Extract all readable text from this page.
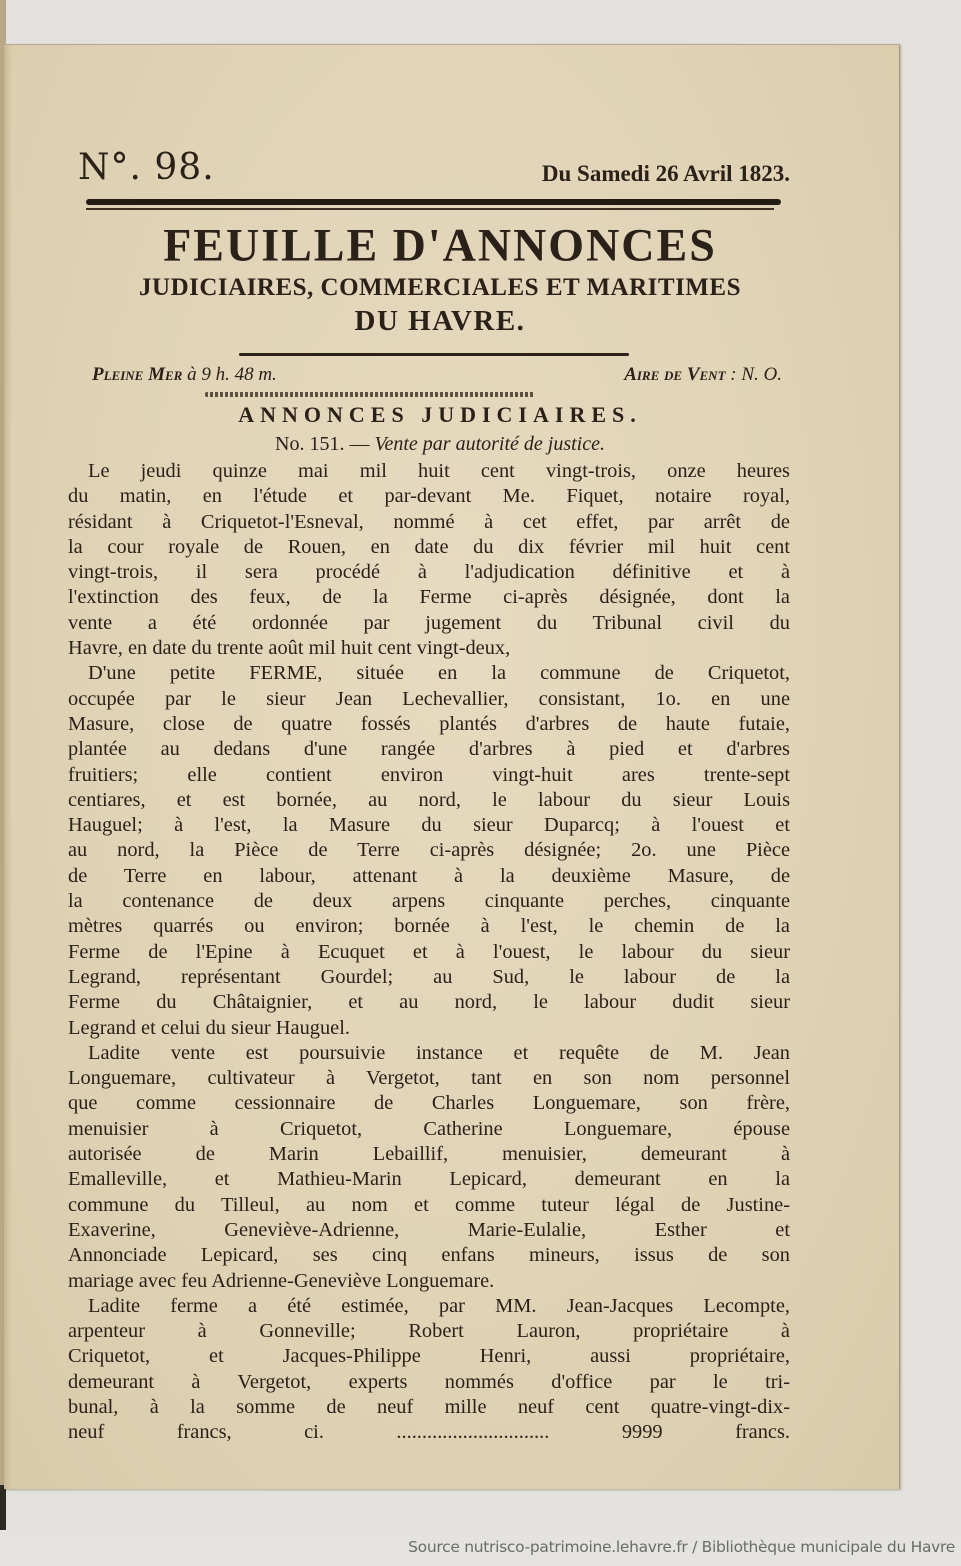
N°. 98.	Du Samedi 26 Avril 1823.
FEUILLE D'ANNONCES
JUDICIAIRES, COMMERCIALES ET MARITIMES
DU HAVRE.
Pleine Mer à 9 h. 48 m.	Aire de Vent : N. O.
ANNONCES JUDICIAIRES.
No. 151. — Vente par autorité de justice.
Le jeudi quinze mai mil huit cent vingt-trois, onze heures
du matin, en l'étude et par-devant Me. Fiquet, notaire royal,
résidant à Criquetot-l'Esneval, nommé à cet effet, par arrêt de
la cour royale de Rouen, en date du dix février mil huit cent
vingt-trois, il sera procédé à l'adjudication définitive et à
l'extinction des feux, de la Ferme ci-après désignée, dont la
vente a été ordonnée par jugement du Tribunal civil du
Havre, en date du trente août mil huit cent vingt-deux,
D'une petite FERME, située en la commune de Criquetot,
occupée par le sieur Jean Lechevallier, consistant, 1o. en une
Masure, close de quatre fossés plantés d'arbres de haute futaie,
plantée au dedans d'une rangée d'arbres à pied et d'arbres
fruitiers; elle contient environ vingt-huit ares trente-sept
centiares, et est bornée, au nord, le labour du sieur Louis
Hauguel; à l'est, la Masure du sieur Duparcq; à l'ouest et
au nord, la Pièce de Terre ci-après désignée; 2o. une Pièce
de Terre en labour, attenant à la deuxième Masure, de
la contenance de deux arpens cinquante perches, cinquante
mètres quarrés ou environ; bornée à l'est, le chemin de la
Ferme de l'Epine à Ecuquet et à l'ouest, le labour du sieur
Legrand, représentant Gourdel; au Sud, le labour de la
Ferme du Châtaignier, et au nord, le labour dudit sieur
Legrand et celui du sieur Hauguel.
Ladite vente est poursuivie instance et requête de M. Jean
Longuemare, cultivateur à Vergetot, tant en son nom personnel
que comme cessionnaire de Charles Longuemare, son frère,
menuisier à Criquetot, Catherine Longuemare, épouse
autorisée de Marin Lebaillif, menuisier, demeurant à
Emalleville, et Mathieu-Marin Lepicard, demeurant en la
commune du Tilleul, au nom et comme tuteur légal de Justine-
Exaverine, Geneviève-Adrienne, Marie-Eulalie, Esther et
Annonciade Lepicard, ses cinq enfans mineurs, issus de son
mariage avec feu Adrienne-Geneviève Longuemare.
Ladite ferme a été estimée, par MM. Jean-Jacques Lecompte,
arpenteur à Gonneville; Robert Lauron, propriétaire à
Criquetot, et Jacques-Philippe Henri, aussi propriétaire,
demeurant à Vergetot, experts nommés d'office par le tri-
bunal, à la somme de neuf mille neuf cent quatre-vingt-dix-
neuf francs, ci. .............................. 9999 francs.
Source nutrisco-patrimoine.lehavre.fr / Bibliothèque municipale du Havre
